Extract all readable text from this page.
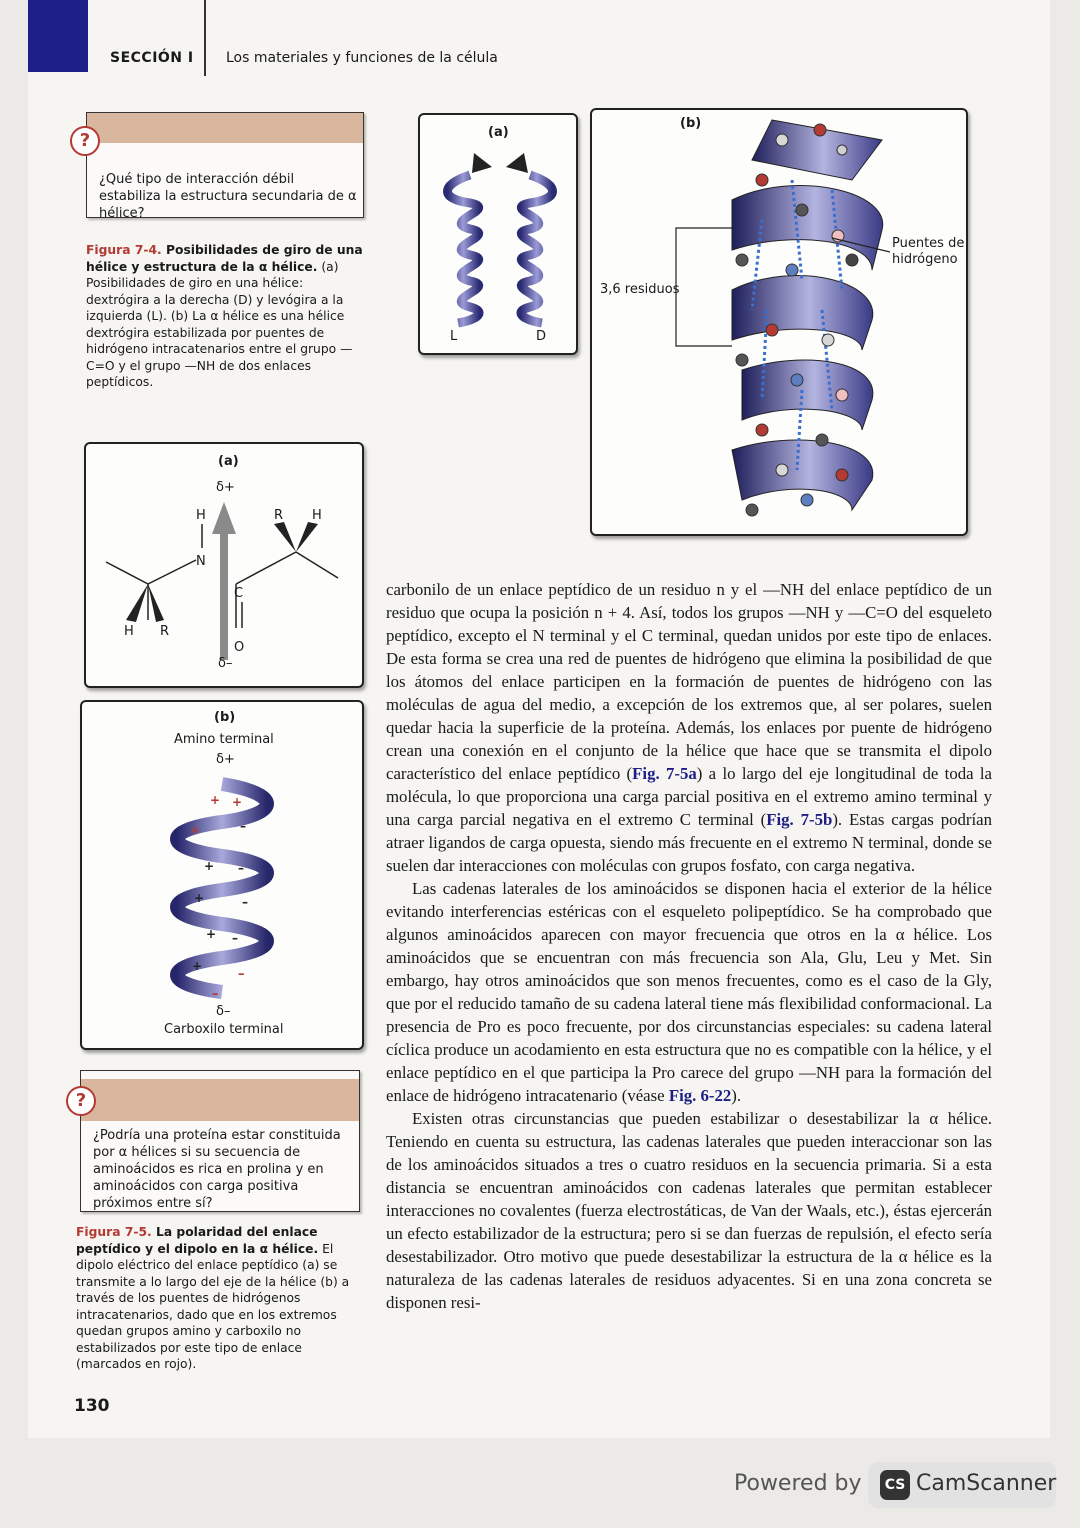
SECCIÓN I Los materiales y funciones de la célula
¿Qué tipo de interacción débil estabiliza la estructura secundaria de α hélice?
?
Figura 7-4. Posibilidades de giro de una hélice y estructura de la α hélice. (a) Posibilidades de giro en una hélice: dextrógira a la derecha (D) y levógira a la izquierda (L). (b) La α hélice es una hélice dextrógira estabilizada por puentes de hidrógeno intracatenarios entre el grupo —C=O y el grupo —NH de dos enlaces peptídicos.
(a)
L	D
(b)
3,6 residuos
Puentes de hidrógeno
(a)
δ+
H
N
R H
C
O
H R
δ–
(b)
Amino terminal
δ+
+ +
+	–
+ –
+	–
+ –
+
–
–
δ–
Carboxilo terminal
¿Podría una proteína estar constituida por α hélices si su secuencia de aminoácidos es rica en prolina y en aminoácidos con carga positiva próximos entre sí?
?
Figura 7-5. La polaridad del enlace peptídico y el dipolo en la α hélice. El dipolo eléctrico del enlace peptídico (a) se transmite a lo largo del eje de la hélice (b) a través de los puentes de hidrógenos intracatenarios, dado que en los extremos quedan grupos amino y carboxilo no estabilizados por este tipo de enlace (marcados en rojo).

carbonilo de un enlace peptídico de un residuo n y el —NH del enlace peptídico de un residuo que ocupa la posición n + 4. Así, todos los grupos —NH y —C=O del esqueleto peptídico, excepto el N terminal y el C terminal, quedan unidos por este tipo de enlaces. De esta forma se crea una red de puentes de hidrógeno que elimina la posibilidad de que los átomos del enlace participen en la formación de puentes de hidrógeno con las moléculas de agua del medio, a excepción de los extremos que, al ser polares, suelen quedar hacia la superficie de la proteína. Además, los enlaces por puente de hidrógeno crean una conexión en el conjunto de la hélice que hace que se transmita el dipolo característico del enlace peptídico (Fig. 7-5a) a lo largo del eje longitudinal de toda la molécula, lo que proporciona una carga parcial positiva en el extremo amino terminal y una carga parcial negativa en el extremo C terminal (Fig. 7-5b). Estas cargas podrían atraer ligandos de carga opuesta, siendo más frecuente en el extremo N terminal, donde se suelen dar interacciones con moléculas con grupos fosfato, con carga negativa.

Las cadenas laterales de los aminoácidos se disponen hacia el exterior de la hélice evitando interferencias estéricas con el esqueleto polipeptídico. Se ha comprobado que algunos aminoácidos aparecen con mayor frecuencia que otros en la α hélice. Los aminoácidos que se encuentran con más frecuencia son Ala, Glu, Leu y Met. Sin embargo, hay otros aminoácidos que son menos frecuentes, como es el caso de la Gly, que por el reducido tamaño de su cadena lateral tiene más flexibilidad conformacional. La presencia de Pro es poco frecuente, por dos circunstancias especiales: su cadena lateral cíclica produce un acodamiento en esta estructura que no es compatible con la hélice, y el enlace peptídico en el que participa la Pro carece del grupo —NH para la formación del enlace de hidrógeno intracatenario (véase Fig. 6-22).

Existen otras circunstancias que pueden estabilizar o desestabilizar la α hélice. Teniendo en cuenta su estructura, las cadenas laterales que pueden interaccionar son las de los aminoácidos situados a tres o cuatro residuos en la secuencia primaria. Si a esta distancia se encuentran aminoácidos con cadenas laterales que permitan establecer interacciones no covalentes (fuerza electrostáticas, de Van der Waals, etc.), éstas ejercerán un efecto estabilizador de la estructura; pero si se dan fuerzas de repulsión, el efecto sería desestabilizador. Otro motivo que puede desestabilizar la estructura de la α hélice es la naturaleza de las cadenas laterales de residuos adyacentes. Si en una zona concreta se disponen resi-

130
Powered by	CS CamScanner
